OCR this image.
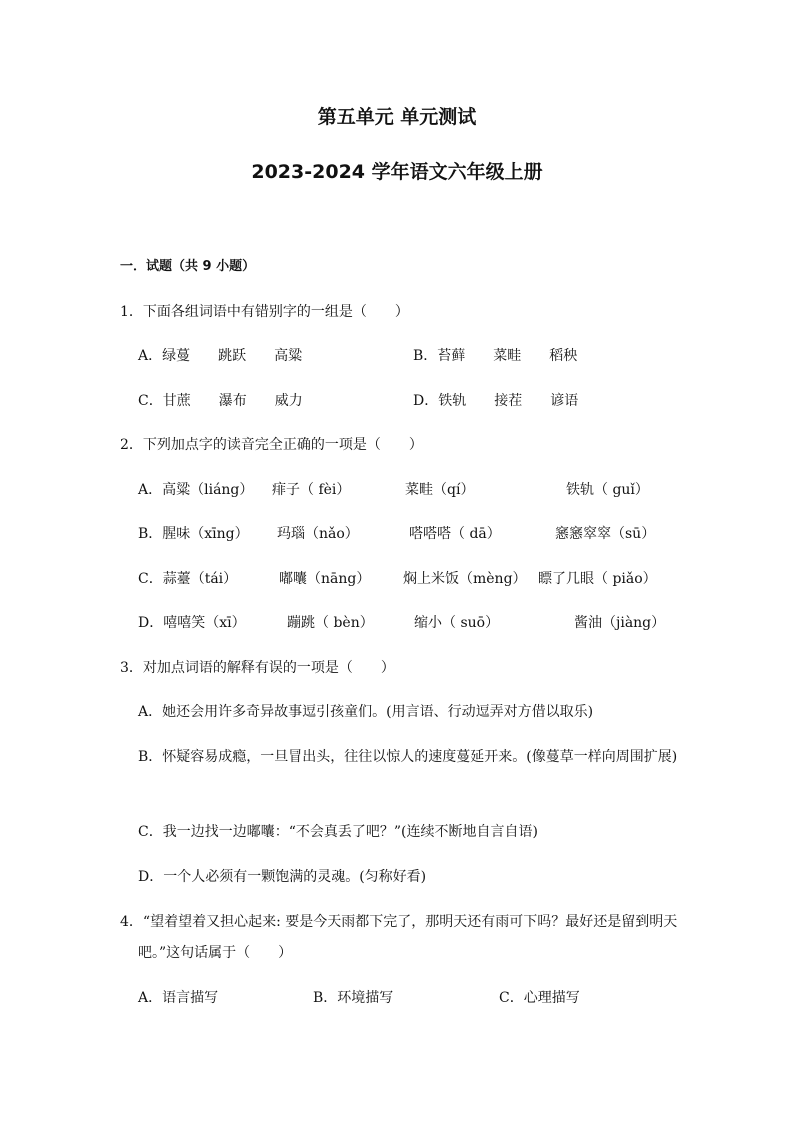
第五单元 单元测试
2023-2024 学年语文六年级上册
一．试题（共 9 小题）
1．下面各组词语中有错别字的一组是（　　）
A．绿蔓　　跳跃　　高粱	B．苔藓　　菜畦　　稻秧
C．甘蔗　　瀑布　　威力	D．铁轨　　接茬　　谚语
2．下列加点字的读音完全正确的一项是（　　）
A．高粱（liáng） 痱子（ fèi）	菜畦（qí）	铁轨（ guǐ）
B．腥味（xīng） 玛瑙（nǎo）	嗒嗒嗒（ dā）	窸窸窣窣（sū）
C．蒜薹（tái）	嘟囔（nāng） 焖上米饭（mèng） 瞟了几眼（ piǎo）
D．嘻嘻笑（xī）	蹦跳（ bèn）	缩小（ suō）	酱油（jiàng）
3．对加点词语的解释有误的一项是（　　）
A．她还会用许多奇异故事逗引孩童们。(用言语、行动逗弄对方借以取乐)
B．怀疑容易成瘾，一旦冒出头，往往以惊人的速度蔓延开来。(像蔓草一样向周围扩展)
C．我一边找一边嘟囔：“不会真丢了吧？”(连续不断地自言自语)
D．一个人必须有一颗饱满的灵魂。(匀称好看)
4．“望着望着又担心起来: 要是今天雨都下完了，那明天还有雨可下吗？最好还是留到明天
吧。”这句话属于（　　）
A．语言描写	B．环境描写	C．心理描写
